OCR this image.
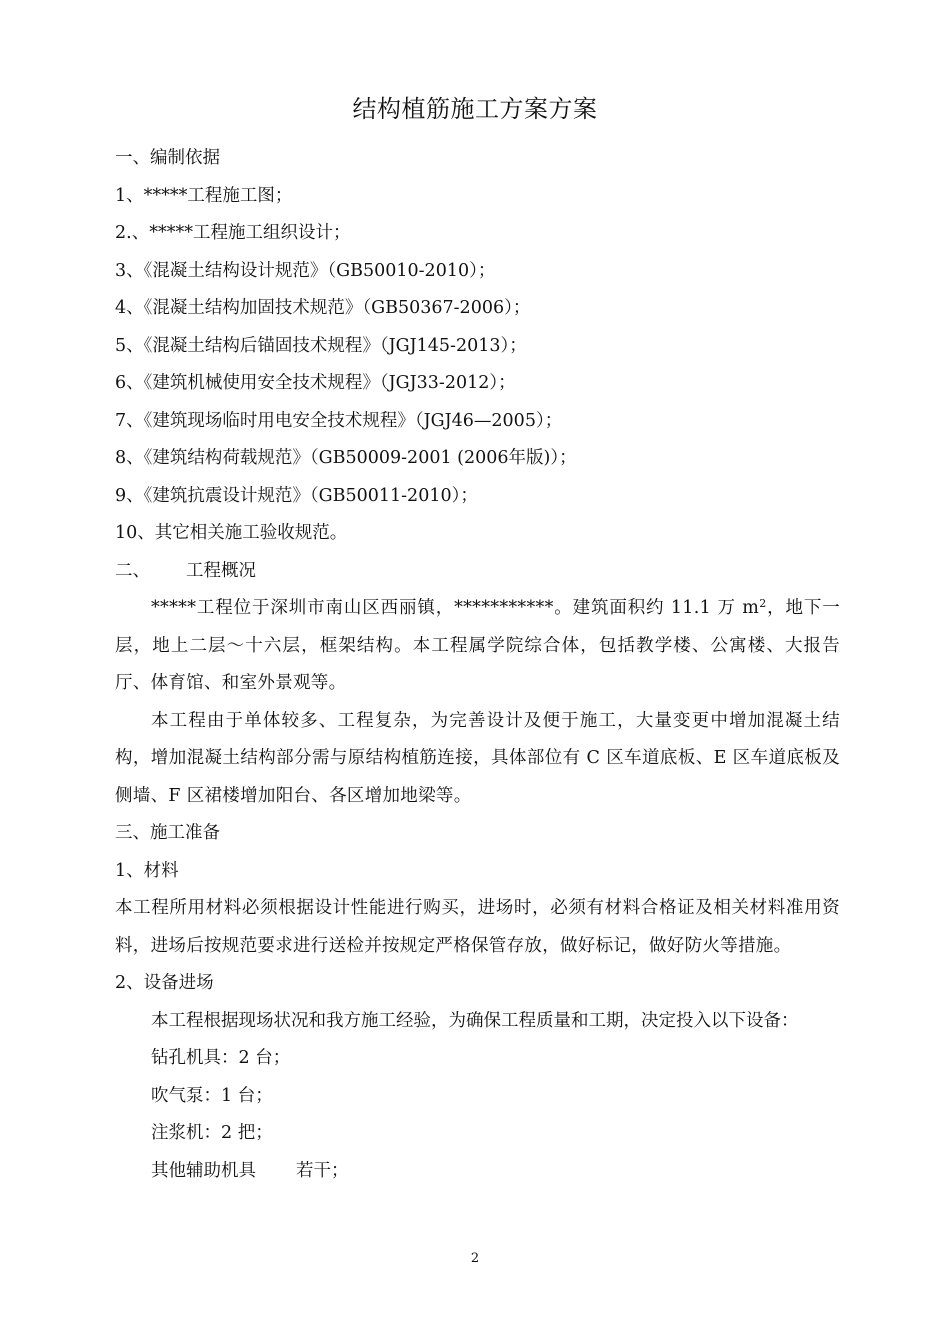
结构植筋施工方案方案

一、编制依据

1、*****工程施工图；

2.、*****工程施工组织设计；

3、《混凝土结构设计规范》（GB50010-2010）；

4、《混凝土结构加固技术规范》（GB50367-2006）；

5、《混凝土结构后锚固技术规程》（JGJ145-2013）；

6、《建筑机械使用安全技术规程》（JGJ33-2012）；

7、《建筑现场临时用电安全技术规程》（JGJ46—2005）；

8、《建筑结构荷载规范》（GB50009-2001 (2006年版)）；

9、《建筑抗震设计规范》（GB50011-2010）；

10、其它相关施工验收规范。

二、 工程概况

*****工程位于深圳市南山区西丽镇，***********。建筑面积约 11.1 万 $m^2$，地下一层，地上二层～十六层，框架结构。本工程属学院综合体，包括教学楼、公寓楼、大报告厅、体育馆、和室外景观等。

本工程由于单体较多、工程复杂，为完善设计及便于施工，大量变更中增加混凝土结构，增加混凝土结构部分需与原结构植筋连接，具体部位有 C 区车道底板、E 区车道底板及侧墙、F 区裙楼增加阳台、各区增加地梁等。

三、施工准备

1、材料

本工程所用材料必须根据设计性能进行购买，进场时，必须有材料合格证及相关材料准用资料，进场后按规范要求进行送检并按规定严格保管存放，做好标记，做好防火等措施。

2、设备进场

本工程根据现场状况和我方施工经验，为确保工程质量和工期，决定投入以下设备：

钻孔机具：2 台；

吹气泵：1 台；

注浆机：2 把；

其他辅助机具 若干；

2
